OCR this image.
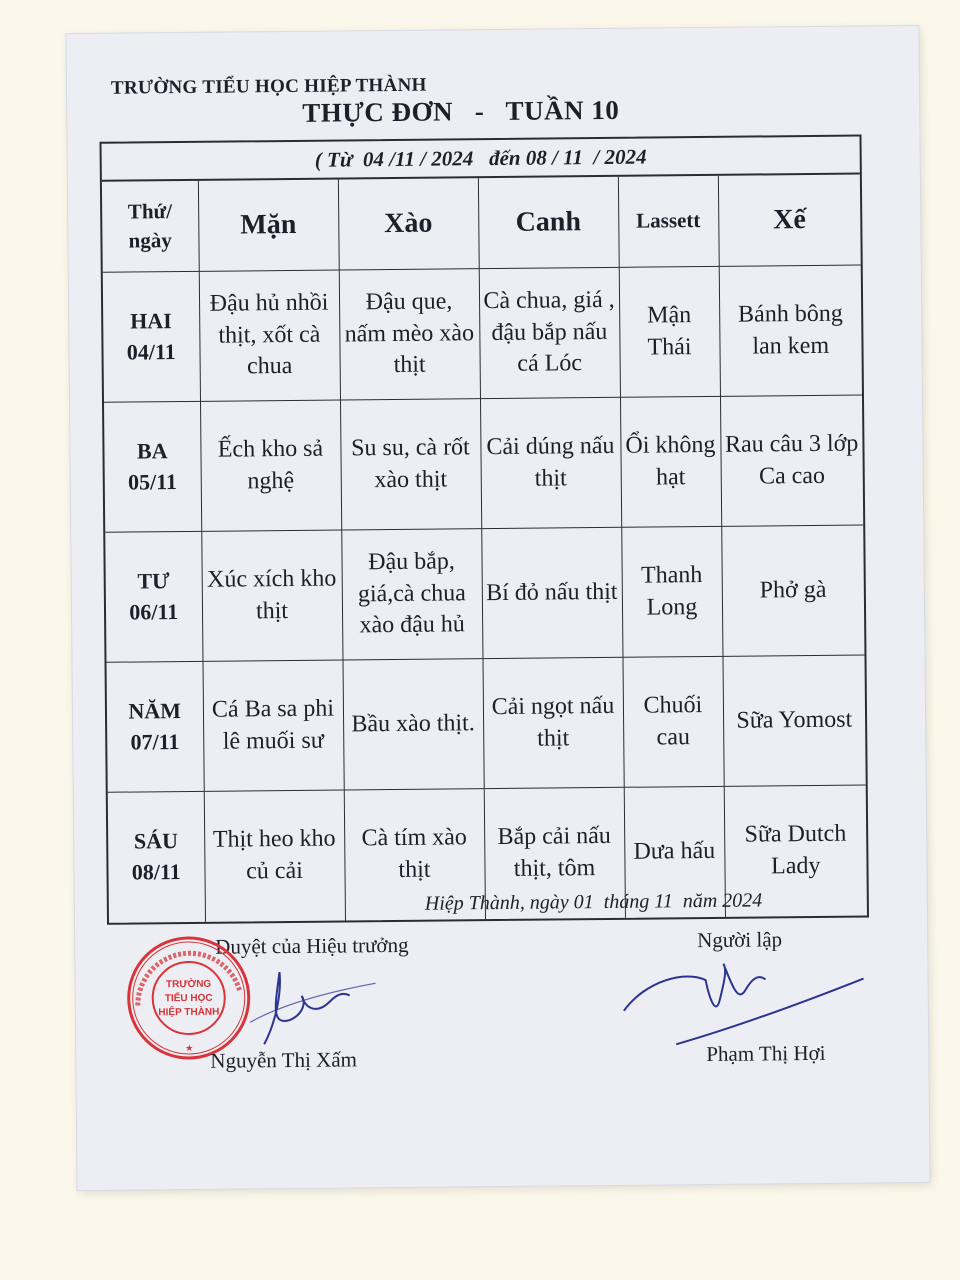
TRƯỜNG TIỂU HỌC HIỆP THÀNH
THỰC ĐƠN   -   TUẦN 10
( Từ  04 /11 / 2024   đến 08 / 11  / 2024
Thứ/
ngày	Mặn	Xào	Canh	Lassett	Xế
HAI
04/11	Đậu hủ nhồi thịt, xốt cà chua	Đậu que, nấm mèo xào thịt	Cà chua, giá , đậu bắp nấu cá Lóc	Mận Thái	Bánh bông lan kem
BA
05/11	Ếch kho sả nghệ	Su su, cà rốt xào thịt	Cải dúng nấu thịt	Ổi không hạt	Rau câu 3 lớp Ca cao
TƯ
06/11	Xúc xích kho thịt	Đậu bắp, giá,cà chua xào đậu hủ	Bí đỏ nấu thịt	Thanh Long	Phở gà
NĂM
07/11	Cá Ba sa phi lê muối sư	Bầu xào thịt.	Cải ngọt nấu thịt	Chuối cau	Sữa Yomost
SÁU
08/11	Thịt heo kho củ cải	Cà tím xào thịt	Bắp cải nấu thịt, tôm	Dưa hấu	Sữa Dutch Lady
Hiệp Thành, ngày 01  tháng 11  năm 2024
Duyệt của Hiệu trưởng	Người lập
TRƯỜNG
TIỂU HỌC
HIỆP THÀNH
★ Nguyễn Thị Xấm	Phạm Thị Hợi
